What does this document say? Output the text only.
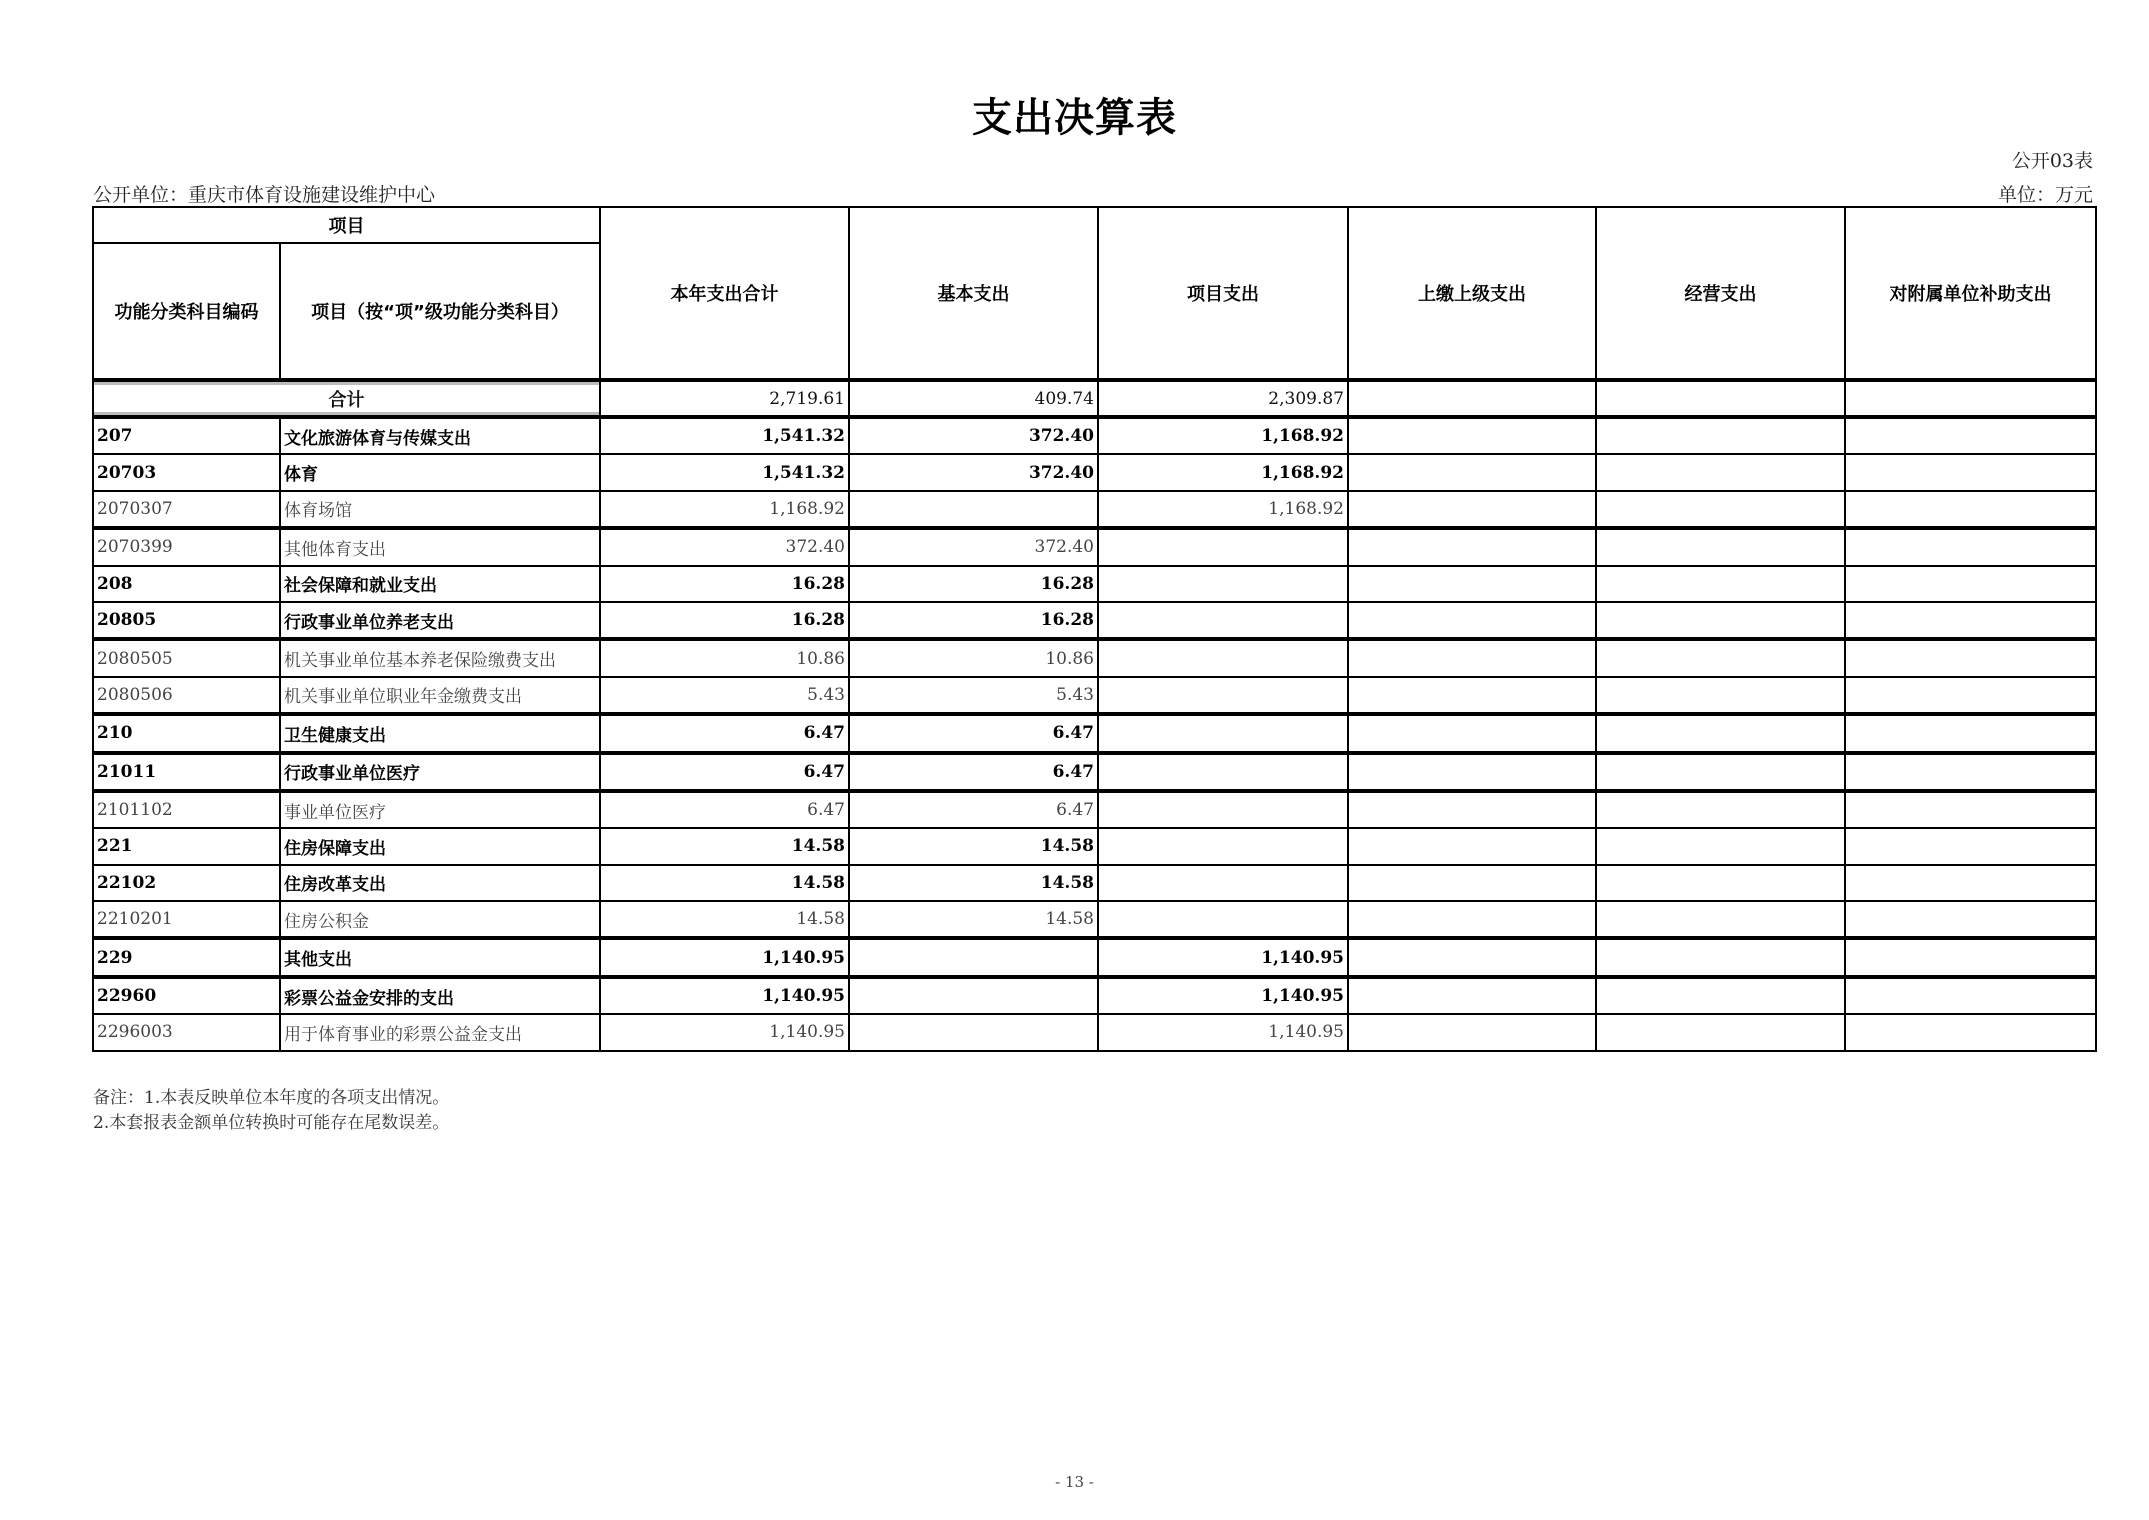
支出决算表
公开03表
公开单位：重庆市体育设施建设维护中心	单位：万元
项目		本年支出合计	基本支出	项目支出	上缴上级支出	经营支出	对附属单位补助支出
功能分类科目编码	项目（按“项”级功能分类科目）						
合计		2,719.61	409.74	2,309.87			
207	文化旅游体育与传媒支出	1,541.32	372.40	1,168.92			
20703	体育	1,541.32	372.40	1,168.92			
2070307	体育场馆	1,168.92		1,168.92			
2070399	其他体育支出	372.40	372.40				
208	社会保障和就业支出	16.28	16.28				
20805	行政事业单位养老支出	16.28	16.28				
2080505	机关事业单位基本养老保险缴费支出	10.86	10.86				
2080506	机关事业单位职业年金缴费支出	5.43	5.43				
210	卫生健康支出	6.47	6.47				
21011	行政事业单位医疗	6.47	6.47				
2101102	事业单位医疗	6.47	6.47				
221	住房保障支出	14.58	14.58				
22102	住房改革支出	14.58	14.58				
2210201	住房公积金	14.58	14.58				
229	其他支出	1,140.95		1,140.95			
22960	彩票公益金安排的支出	1,140.95		1,140.95			
2296003	用于体育事业的彩票公益金支出	1,140.95		1,140.95			
备注：1.本表反映单位本年度的各项支出情况。
2.本套报表金额单位转换时可能存在尾数误差。
- 13 -
